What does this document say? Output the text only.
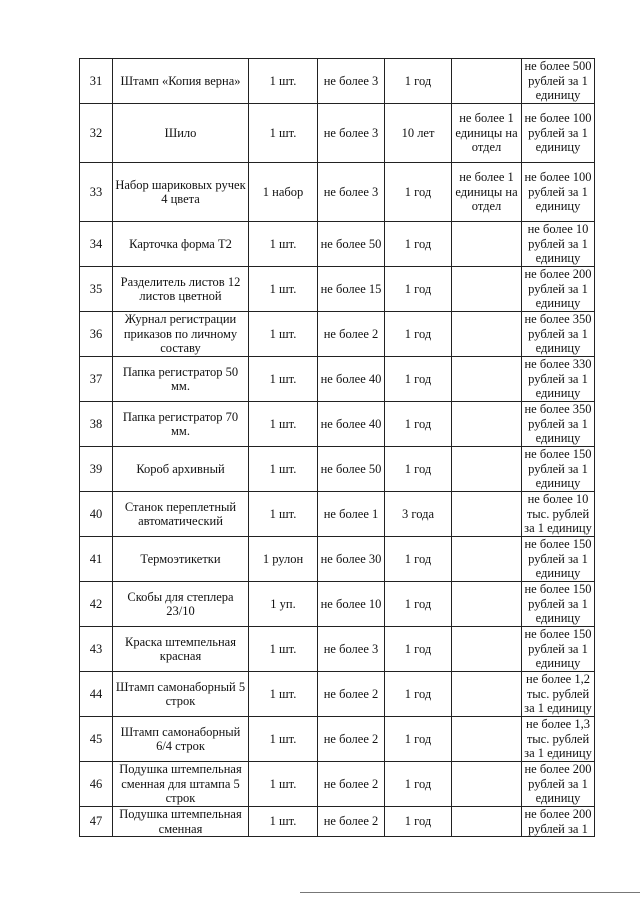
31	Штамп «Копия верна»	1 шт.	не более 3	1 год		не более 500 рублей за 1 единицу
32	Шило	1 шт.	не более 3	10 лет	не более 1 единицы на отдел	не более 100 рублей за 1 единицу
33	Набор шариковых ручек 4 цвета	1 набор	не более 3	1 год	не более 1 единицы на отдел	не более 100 рублей за 1 единицу
34	Карточка форма Т2	1 шт.	не более 50	1 год		не более 10 рублей за 1 единицу
35	Разделитель листов 12 листов цветной	1 шт.	не более 15	1 год		не более 200 рублей за 1 единицу
36	Журнал регистрации приказов по личному составу	1 шт.	не более 2	1 год		не более 350 рублей за 1 единицу
37	Папка регистратор 50 мм.	1 шт.	не более 40	1 год		не более 330 рублей за 1 единицу
38	Папка регистратор 70 мм.	1 шт.	не более 40	1 год		не более 350 рублей за 1 единицу
39	Короб архивный	1 шт.	не более 50	1 год		не более 150 рублей за 1 единицу
40	Станок переплетный автоматический	1 шт.	не более 1	3 года		не более 10 тыс. рублей за 1 единицу
41	Термоэтикетки	1 рулон	не более 30	1 год		не более 150 рублей за 1 единицу
42	Скобы для степлера 23/10	1 уп.	не более 10	1 год		не более 150 рублей за 1 единицу
43	Краска штемпельная красная	1 шт.	не более 3	1 год		не более 150 рублей за 1 единицу
44	Штамп самонаборный 5 строк	1 шт.	не более 2	1 год		не более 1,2 тыс. рублей за 1 единицу
45	Штамп самонаборный 6/4 строк	1 шт.	не более 2	1 год		не более 1,3 тыс. рублей за 1 единицу
46	Подушка штемпельная сменная для штампа 5 строк	1 шт.	не более 2	1 год		не более 200 рублей за 1 единицу
47	Подушка штемпельная сменная	1 шт.	не более 2	1 год		не более 200 рублей за 1
